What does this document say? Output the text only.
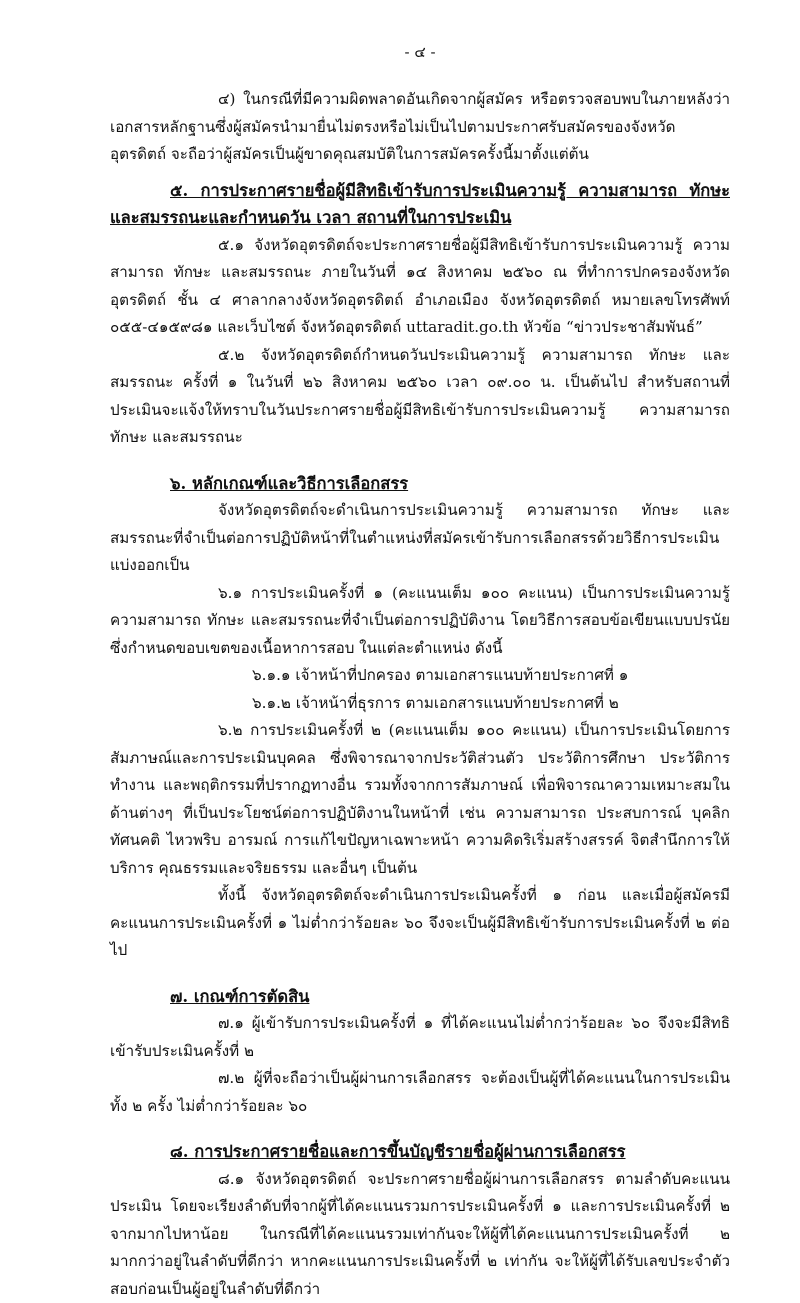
- ๔ -

๔) ในกรณีที่มีความผิดพลาดอันเกิดจากผู้สมัคร หรือตรวจสอบพบในภายหลังว่า เอกสารหลักฐานซึ่งผู้สมัครนำมายื่นไม่ตรงหรือไม่เป็นไปตามประกาศรับสมัครของจังหวัดอุตรดิตถ์ จะถือว่าผู้สมัครเป็นผู้ขาดคุณสมบัติในการสมัครครั้งนี้มาตั้งแต่ต้น

๕. การประกาศรายชื่อผู้มีสิทธิเข้ารับการประเมินความรู้ ความสามารถ ทักษะ และสมรรถนะและกำหนดวัน เวลา สถานที่ในการประเมิน

๕.๑ จังหวัดอุตรดิตถ์จะประกาศรายชื่อผู้มีสิทธิเข้ารับการประเมินความรู้ ความสามารถ ทักษะ และสมรรถนะ ภายในวันที่ ๑๔ สิงหาคม ๒๕๖๐ ณ ที่ทำการปกครองจังหวัดอุตรดิตถ์ ชั้น ๔ ศาลากลางจังหวัดอุตรดิตถ์ อำเภอเมือง จังหวัดอุตรดิตถ์ หมายเลขโทรศัพท์ ๐๕๕-๔๑๕๙๘๑ และเว็บไซต์ จังหวัดอุตรดิตถ์ uttaradit.go.th หัวข้อ “ข่าวประชาสัมพันธ์”

๕.๒ จังหวัดอุตรดิตถ์กำหนดวันประเมินความรู้ ความสามารถ ทักษะ และสมรรถนะ ครั้งที่ ๑ ในวันที่ ๒๖ สิงหาคม ๒๕๖๐ เวลา ๐๙.๐๐ น. เป็นต้นไป สำหรับสถานที่ประเมินจะแจ้งให้ทราบในวันประกาศรายชื่อผู้มีสิทธิเข้ารับการประเมินความรู้ ความสามารถ ทักษะ และสมรรถนะ

๖. หลักเกณฑ์และวิธีการเลือกสรร

จังหวัดอุตรดิตถ์จะดำเนินการประเมินความรู้ ความสามารถ ทักษะ และสมรรถนะที่จำเป็นต่อการปฏิบัติหน้าที่ในตำแหน่งที่สมัครเข้ารับการเลือกสรรด้วยวิธีการประเมิน แบ่งออกเป็น

๖.๑ การประเมินครั้งที่ ๑ (คะแนนเต็ม ๑๐๐ คะแนน) เป็นการประเมินความรู้ ความสามารถ ทักษะ และสมรรถนะที่จำเป็นต่อการปฏิบัติงาน โดยวิธีการสอบข้อเขียนแบบปรนัย ซึ่งกำหนดขอบเขตของเนื้อหาการสอบ ในแต่ละตำแหน่ง ดังนี้

๖.๑.๑ เจ้าหน้าที่ปกครอง ตามเอกสารแนบท้ายประกาศที่ ๑

๖.๑.๒ เจ้าหน้าที่ธุรการ ตามเอกสารแนบท้ายประกาศที่ ๒

๖.๒ การประเมินครั้งที่ ๒ (คะแนนเต็ม ๑๐๐ คะแนน) เป็นการประเมินโดยการสัมภาษณ์และการประเมินบุคคล ซึ่งพิจารณาจากประวัติส่วนตัว ประวัติการศึกษา ประวัติการทำงาน และพฤติกรรมที่ปรากฏทางอื่น รวมทั้งจากการสัมภาษณ์ เพื่อพิจารณาความเหมาะสมในด้านต่างๆ ที่เป็นประโยชน์ต่อการปฏิบัติงานในหน้าที่ เช่น ความสามารถ ประสบการณ์ บุคลิก ทัศนคติ ไหวพริบ อารมณ์ การแก้ไขปัญหาเฉพาะหน้า ความคิดริเริ่มสร้างสรรค์ จิตสำนึกการให้บริการ คุณธรรมและจริยธรรม และอื่นๆ เป็นต้น

ทั้งนี้ จังหวัดอุตรดิตถ์จะดำเนินการประเมินครั้งที่ ๑ ก่อน และเมื่อผู้สมัครมีคะแนนการประเมินครั้งที่ ๑ ไม่ต่ำกว่าร้อยละ ๖๐ จึงจะเป็นผู้มีสิทธิเข้ารับการประเมินครั้งที่ ๒ ต่อไป

๗. เกณฑ์การตัดสิน

๗.๑ ผู้เข้ารับการประเมินครั้งที่ ๑ ที่ได้คะแนนไม่ต่ำกว่าร้อยละ ๖๐ จึงจะมีสิทธิเข้ารับประเมินครั้งที่ ๒

๗.๒ ผู้ที่จะถือว่าเป็นผู้ผ่านการเลือกสรร จะต้องเป็นผู้ที่ได้คะแนนในการประเมินทั้ง ๒ ครั้ง ไม่ต่ำกว่าร้อยละ ๖๐

๘. การประกาศรายชื่อและการขึ้นบัญชีรายชื่อผู้ผ่านการเลือกสรร

๘.๑ จังหวัดอุตรดิตถ์ จะประกาศรายชื่อผู้ผ่านการเลือกสรร ตามลำดับคะแนนประเมิน โดยจะเรียงลำดับที่จากผู้ที่ได้คะแนนรวมการประเมินครั้งที่ ๑ และการประเมินครั้งที่ ๒ จากมากไปหาน้อย ในกรณีที่ได้คะแนนรวมเท่ากันจะให้ผู้ที่ได้คะแนนการประเมินครั้งที่ ๒ มากกว่าอยู่ในลำดับที่ดีกว่า หากคะแนนการประเมินครั้งที่ ๒ เท่ากัน จะให้ผู้ที่ได้รับเลขประจำตัวสอบก่อนเป็นผู้อยู่ในลำดับที่ดีกว่า
